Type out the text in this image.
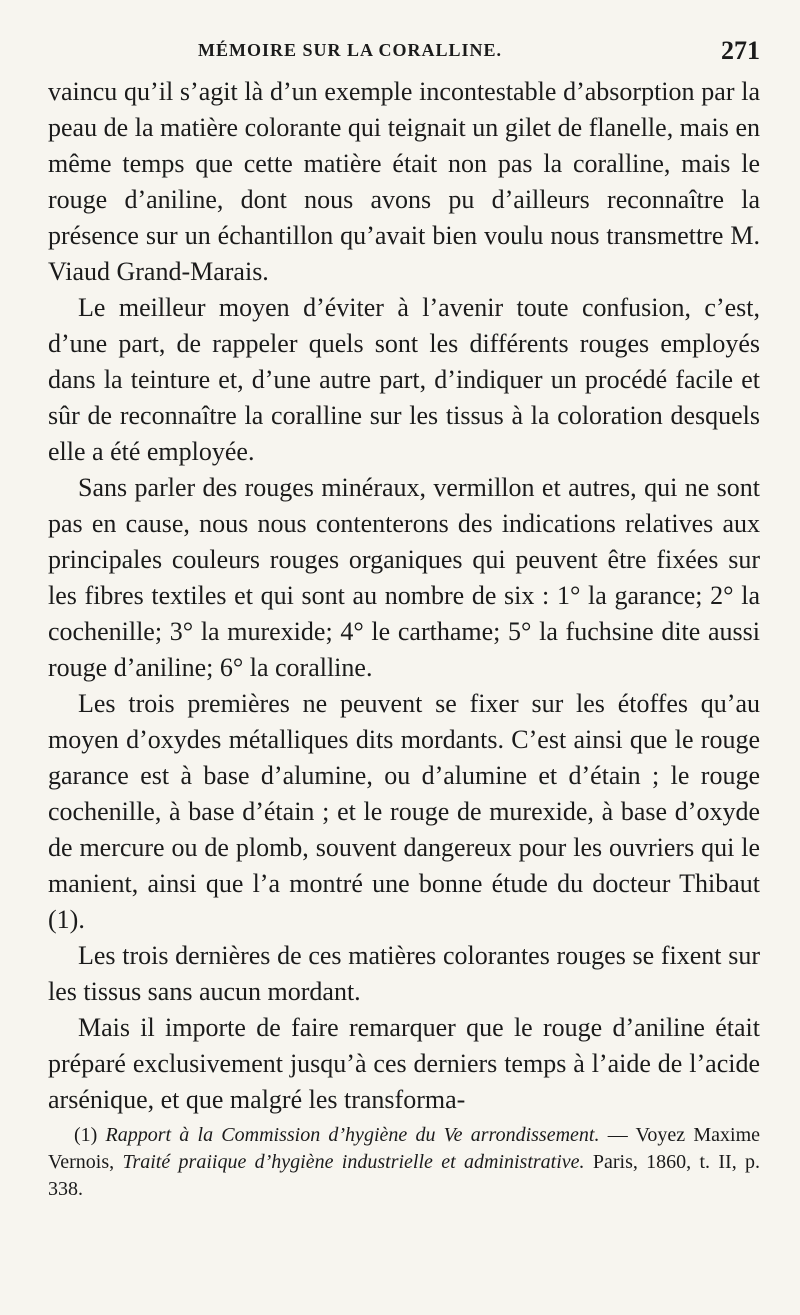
MÉMOIRE SUR LA CORALLINE.	271

vaincu qu’il s’agit là d’un exemple incontestable d’absorption par la peau de la matière colorante qui teignait un gilet de flanelle, mais en même temps que cette matière était non pas la coralline, mais le rouge d’aniline, dont nous avons pu d’ailleurs reconnaître la présence sur un échantillon qu’avait bien voulu nous transmettre M. Viaud Grand-Marais.

Le meilleur moyen d’éviter à l’avenir toute confusion, c’est, d’une part, de rappeler quels sont les différents rouges employés dans la teinture et, d’une autre part, d’indiquer un procédé facile et sûr de reconnaître la coralline sur les tissus à la coloration desquels elle a été employée.

Sans parler des rouges minéraux, vermillon et autres, qui ne sont pas en cause, nous nous contenterons des indications relatives aux principales couleurs rouges organiques qui peuvent être fixées sur les fibres textiles et qui sont au nombre de six : 1° la garance; 2° la cochenille; 3° la murexide; 4° le carthame; 5° la fuchsine dite aussi rouge d’aniline; 6° la coralline.

Les trois premières ne peuvent se fixer sur les étoffes qu’au moyen d’oxydes métalliques dits mordants. C’est ainsi que le rouge garance est à base d’alumine, ou d’alumine et d’étain ; le rouge cochenille, à base d’étain ; et le rouge de murexide, à base d’oxyde de mercure ou de plomb, souvent dangereux pour les ouvriers qui le manient, ainsi que l’a montré une bonne étude du docteur Thibaut (1).

Les trois dernières de ces matières colorantes rouges se fixent sur les tissus sans aucun mordant.

Mais il importe de faire remarquer que le rouge d’aniline était préparé exclusivement jusqu’à ces derniers temps à l’aide de l’acide arsénique, et que malgré les transforma-

(1) Rapport à la Commission d’hygiène du Ve arrondissement. — Voyez Maxime Vernois, Traité praiique d’hygiène industrielle et administrative. Paris, 1860, t. II, p. 338.
